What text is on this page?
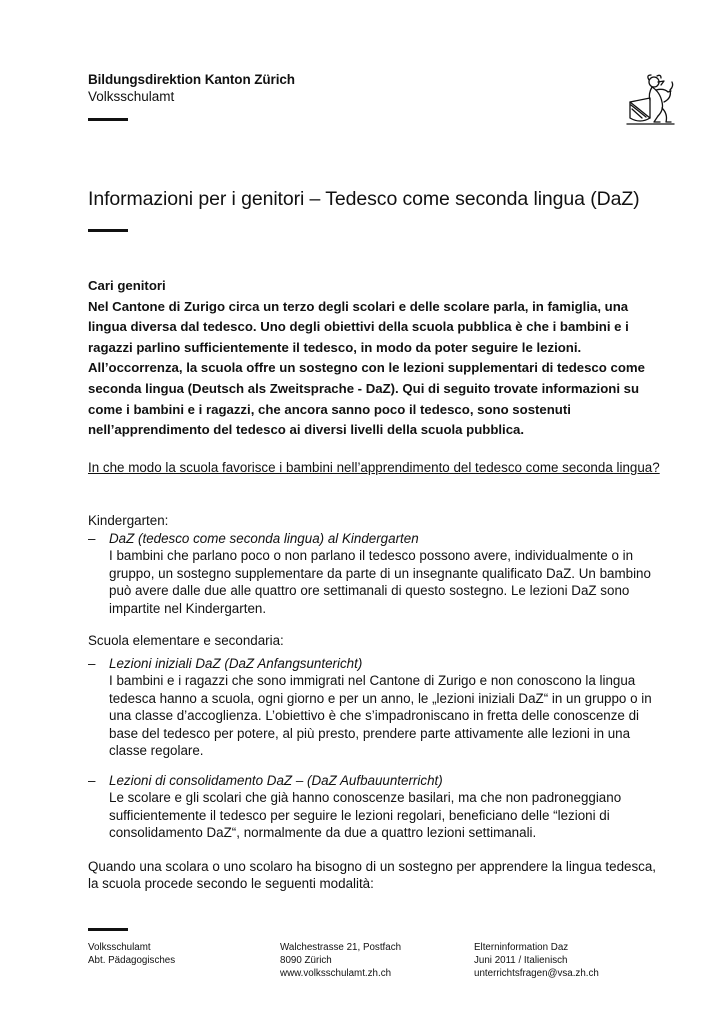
Bildungsdirektion Kanton Zürich
Volksschulamt
Informazioni per i genitori – Tedesco come seconda lingua (DaZ)

Cari genitori

Nel Cantone di Zurigo circa un terzo degli scolari e delle scolare parla, in famiglia, una

lingua diversa dal tedesco. Uno degli obiettivi della scuola pubblica è che i bambini e i

ragazzi parlino sufficientemente il tedesco, in modo da poter seguire le lezioni.

All’occorrenza, la scuola offre un sostegno con le lezioni supplementari di tedesco come

seconda lingua (Deutsch als Zweitsprache - DaZ). Qui di seguito trovate informazioni su

come i bambini e i ragazzi, che ancora sanno poco il tedesco, sono sostenuti

nell’apprendimento del tedesco ai diversi livelli della scuola pubblica.

In che modo la scuola favorisce i bambini nell’apprendimento del tedesco come seconda lingua?
Kindergarten:
– DaZ (tedesco come seconda lingua) al Kindergarten
I bambini che parlano poco o non parlano il tedesco possono avere, individualmente o in
gruppo, un sostegno supplementare da parte di un insegnante qualificato DaZ. Un bambino
può avere dalle due alle quattro ore settimanali di questo sostegno. Le lezioni DaZ sono
impartite nel Kindergarten.
Scuola elementare e secondaria:
– Lezioni iniziali DaZ (DaZ Anfangsuntericht)
I bambini e i ragazzi che sono immigrati nel Cantone di Zurigo e non conoscono la lingua
tedesca hanno a scuola, ogni giorno e per un anno, le „lezioni iniziali DaZ“ in un gruppo o in
una classe d’accoglienza. L’obiettivo è che s’impadroniscano in fretta delle conoscenze di
base del tedesco per potere, al più presto, prendere parte attivamente alle lezioni in una
classe regolare.
– Lezioni di consolidamento DaZ – (DaZ Aufbauunterricht)
Le scolare e gli scolari che già hanno conoscenze basilari, ma che non padroneggiano
sufficientemente il tedesco per seguire le lezioni regolari, beneficiano delle “lezioni di
consolidamento DaZ“, normalmente da due a quattro lezioni settimanali.
Quando una scolara o uno scolaro ha bisogno di un sostegno per apprendere la lingua tedesca,
la scuola procede secondo le seguenti modalità:
Volksschulamt
Abt. Pädagogisches
Walchestrasse 21, Postfach
8090 Zürich
www.volksschulamt.zh.ch
Elterninformation Daz
Juni 2011 / Italienisch
unterrichtsfragen@vsa.zh.ch
